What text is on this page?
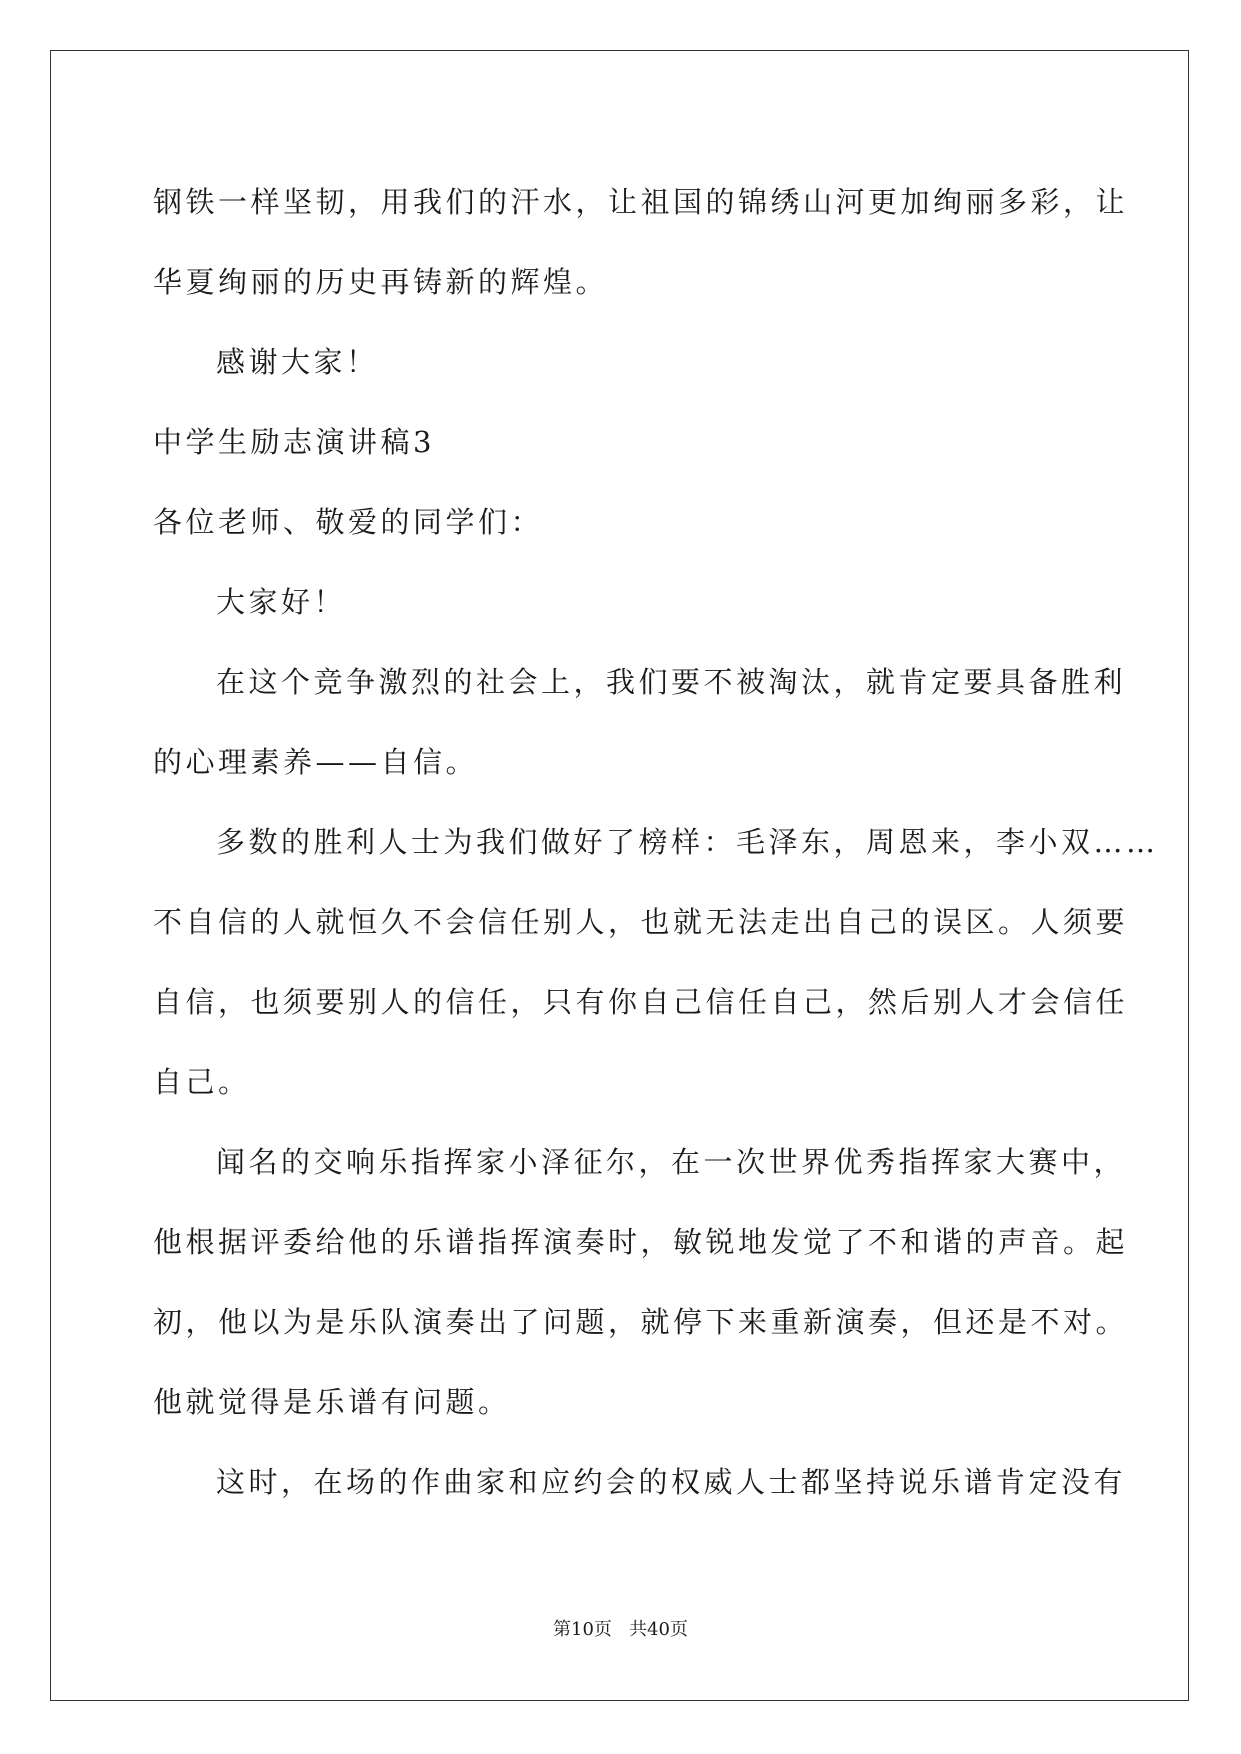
钢铁一样坚韧，用我们的汗水，让祖国的锦绣山河更加绚丽多彩，让
华夏绚丽的历史再铸新的辉煌。
感谢大家！
中学生励志演讲稿3
各位老师、敬爱的同学们：
大家好！
在这个竞争激烈的社会上，我们要不被淘汰，就肯定要具备胜利
的心理素养——自信。
多数的胜利人士为我们做好了榜样：毛泽东，周恩来，李小双……
不自信的人就恒久不会信任别人，也就无法走出自己的误区。人须要
自信，也须要别人的信任，只有你自己信任自己，然后别人才会信任
自己。
闻名的交响乐指挥家小泽征尔，在一次世界优秀指挥家大赛中，
他根据评委给他的乐谱指挥演奏时，敏锐地发觉了不和谐的声音。起
初，他以为是乐队演奏出了问题，就停下来重新演奏，但还是不对。
他就觉得是乐谱有问题。
这时，在场的作曲家和应约会的权威人士都坚持说乐谱肯定没有
第10页   共40页
